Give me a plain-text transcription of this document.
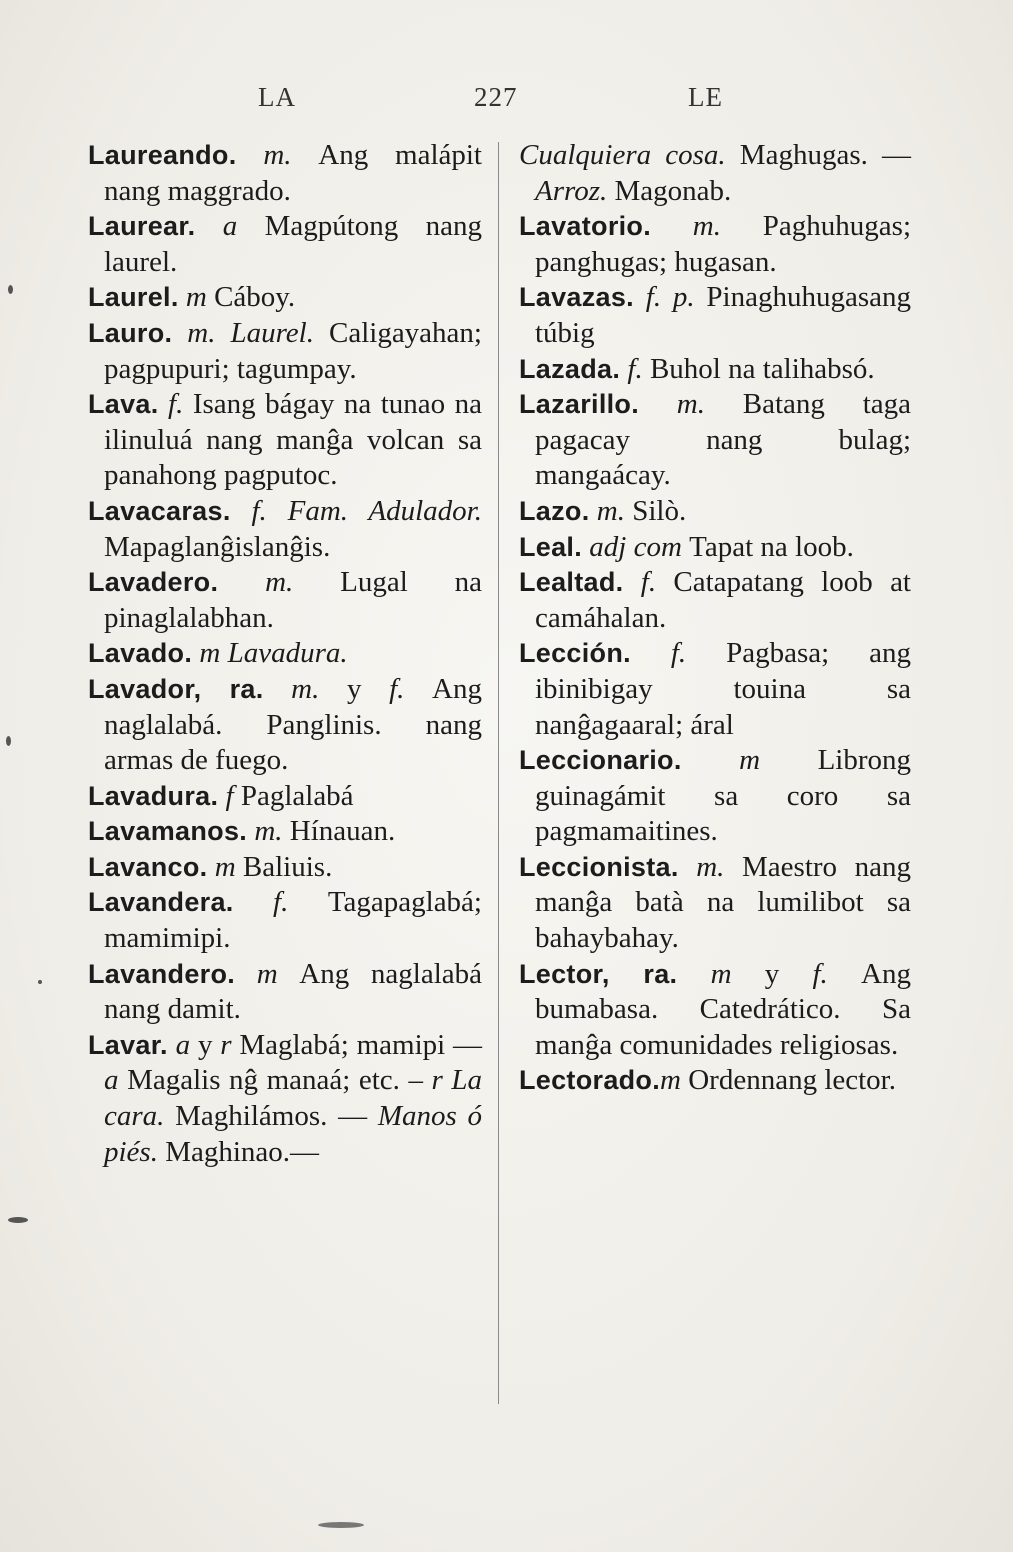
LA	227	LE

Laureando. m. Ang malápit nang maggrado.

Laurear. a Magpútong nang laurel.

Laurel. m Cáboy.

Lauro. m. Laurel. Caligayahan; pagpupuri; tagumpay.

Lava. f. Isang bágay na tunao na ilinuluá nang manĝa volcan sa panahong pagputoc.

Lavacaras. f. Fam. Adulador. Mapaglanĝislanĝis.

Lavadero. m. Lugal na pinaglalabhan.

Lavado. m Lavadura.

Lavador, ra. m. y f. Ang naglalabá. Panglinis. nang armas de fuego.

Lavadura. f Paglalabá

Lavamanos. m. Hínauan.

Lavanco. m Baliuis.

Lavandera. f. Tagapaglabá; mamimipi.

Lavandero. m Ang naglalabá nang damit.

Lavar. a y r Maglabá; mamipi —a Magalis nĝ manaá; etc. – r La cara. Maghilámos. — Manos ó piés. Maghinao.—

Cualquiera cosa. Maghugas. — Arroz. Magonab.

Lavatorio. m. Paghuhugas; panghugas; hugasan.

Lavazas. f. p. Pinaghuhugasang túbig

Lazada. f. Buhol na talihabsó.

Lazarillo. m. Batang taga pagacay nang bulag; mangaácay.

Lazo. m. Silò.

Leal. adj com Tapat na loob.

Lealtad. f. Catapatang loob at camáhalan.

Lección. f. Pagbasa; ang ibinibigay touina sa nanĝagaaral; áral

Leccionario. m Librong guinagámit sa coro sa pagmamaitines.

Leccionista. m. Maestro nang manĝa batà na lumilibot sa bahaybahay.

Lector, ra. m y f. Ang bumabasa. Catedrático. Sa manĝa comunidades religiosas.

Lectorado.m Ordennang lector.
